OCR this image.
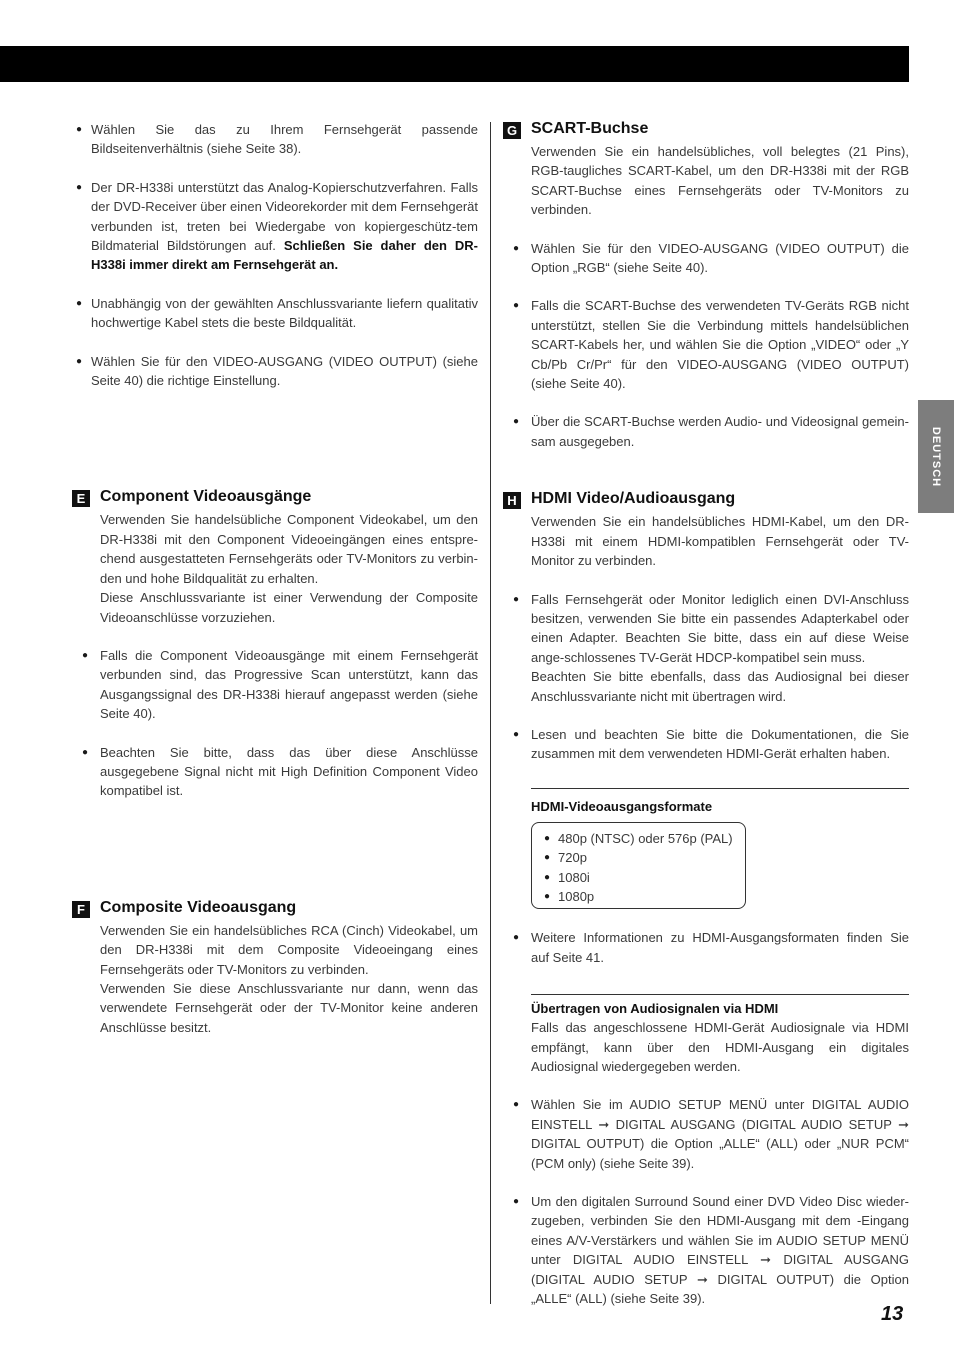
DEUTSCH
● Wählen Sie das zu Ihrem Fernsehgerät passende Bildseitenverhältnis (siehe Seite 38).
● Der DR-H338i unterstützt das Analog-Kopierschutzverfahren. Falls der DVD-Receiver über einen Videorekorder mit dem Fernsehgerät verbunden ist, treten bei Wiedergabe von kopiergeschütz-tem Bildmaterial Bildstörungen auf. Schließen Sie daher den DR-H338i immer direkt am Fernsehgerät an.
● Unabhängig von der gewählten Anschlussvariante liefern qualitativ hochwertige Kabel stets die beste Bildqualität.
● Wählen Sie für den VIDEO-AUSGANG (VIDEO OUTPUT) (siehe Seite 40) die richtige Einstellung.
E Component Videoausgänge
Verwenden Sie handelsübliche Component Videokabel, um den DR-H338i mit den Component Videoeingängen eines entspre-chend ausgestatteten Fernsehgeräts oder TV-Monitors zu verbin-den und hohe Bildqualität zu erhalten.
Diese Anschlussvariante ist einer Verwendung der Composite Videoanschlüsse vorzuziehen.
● Falls die Component Videoausgänge mit einem Fernsehgerät verbunden sind, das Progressive Scan unterstützt, kann das Ausgangssignal des DR-H338i hierauf angepasst werden (siehe Seite 40).
● Beachten Sie bitte, dass das über diese Anschlüsse ausgegebene Signal nicht mit High Definition Component Video kompatibel ist.
F Composite Videoausgang
Verwenden Sie ein handelsübliches RCA (Cinch) Videokabel, um den DR-H338i mit dem Composite Videoeingang eines Fernsehgeräts oder TV-Monitors zu verbinden.
Verwenden Sie diese Anschlussvariante nur dann, wenn das verwendete Fernsehgerät oder der TV-Monitor keine anderen Anschlüsse besitzt.
G SCART-Buchse
Verwenden Sie ein handelsübliches, voll belegtes (21 Pins), RGB-taugliches SCART-Kabel, um den DR-H338i mit der RGB SCART-Buchse eines Fernsehgeräts oder TV-Monitors zu verbinden.
● Wählen Sie für den VIDEO-AUSGANG (VIDEO OUTPUT) die Option „RGB“ (siehe Seite 40).
● Falls die SCART-Buchse des verwendeten TV-Geräts RGB nicht unterstützt, stellen Sie die Verbindung mittels handelsüblichen SCART-Kabels her, und wählen Sie die Option „VIDEO“ oder „Y Cb/Pb Cr/Pr“ für den VIDEO-AUSGANG (VIDEO OUTPUT) (siehe Seite 40).
● Über die SCART-Buchse werden Audio- und Videosignal gemein-sam ausgegeben.
H HDMI Video/Audioausgang
Verwenden Sie ein handelsübliches HDMI-Kabel, um den DR-H338i mit einem HDMI-kompatiblen Fernsehgerät oder TV-Monitor zu verbinden.
● Falls Fernsehgerät oder Monitor lediglich einen DVI-Anschluss besitzen, verwenden Sie bitte ein passendes Adapterkabel oder einen Adapter. Beachten Sie bitte, dass ein auf diese Weise ange-schlossenes TV-Gerät HDCP-kompatibel sein muss.
Beachten Sie bitte ebenfalls, dass das Audiosignal bei dieser Anschlussvariante nicht mit übertragen wird.
● Lesen und beachten Sie bitte die Dokumentationen, die Sie zusammen mit dem verwendeten HDMI-Gerät erhalten haben.
HDMI-Videoausgangsformate
● 480p (NTSC) oder 576p (PAL)
● 720p
● 1080i
● 1080p
● Weitere Informationen zu HDMI-Ausgangsformaten finden Sie auf Seite 41.
Übertragen von Audiosignalen via HDMI
Falls das angeschlossene HDMI-Gerät Audiosignale via HDMI empfängt, kann über den HDMI-Ausgang ein digitales Audiosignal wiedergegeben werden.
● Wählen Sie im AUDIO SETUP MENÜ unter DIGITAL AUDIO EINSTELL ➞ DIGITAL AUSGANG (DIGITAL AUDIO SETUP ➞ DIGITAL OUTPUT) die Option „ALLE“ (ALL) oder „NUR PCM“ (PCM only) (siehe Seite 39).
● Um den digitalen Surround Sound einer DVD Video Disc wieder-zugeben, verbinden Sie den HDMI-Ausgang mit dem -Eingang eines A/V-Verstärkers und wählen Sie im AUDIO SETUP MENÜ unter DIGITAL AUDIO EINSTELL ➞ DIGITAL AUSGANG (DIGITAL AUDIO SETUP ➞ DIGITAL OUTPUT) die Option „ALLE“ (ALL) (siehe Seite 39).
13
